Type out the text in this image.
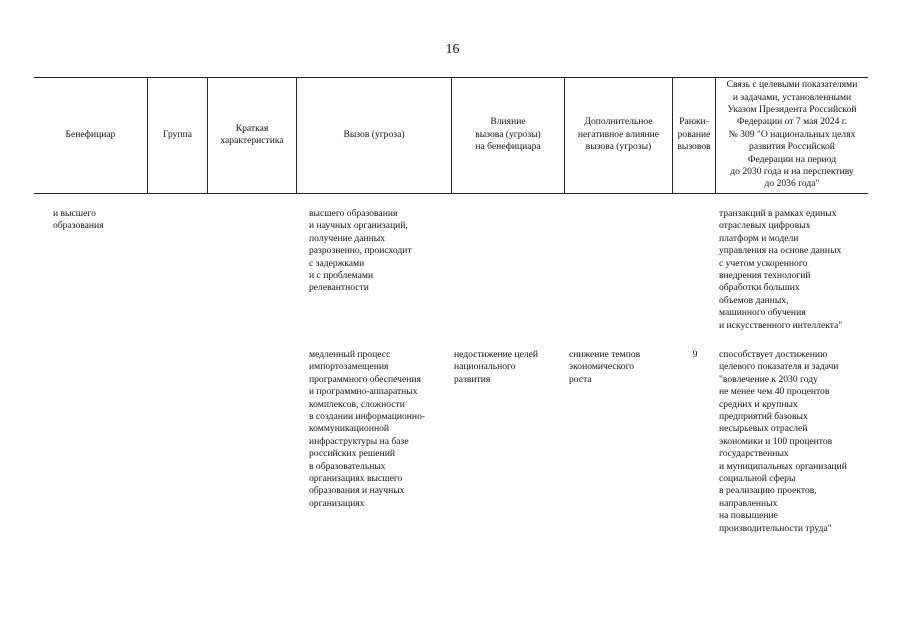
16
Бенефициар	Группа
Краткая
характеристика
Вызов (угроза)
Влияние
вызова (угрозы)
на бенефициара
Дополнительное
негативное влияние
вызова (угрозы)
Ранжи-
рование
вызовов
Связь с целевыми показателями
и задачами, установленными
Указом Президента Российской
Федерации от 7 мая 2024 г.
№ 309 "О национальных целях
развития Российской
Федерации на период
до 2030 года и на перспективу
до 2036 года"
и высшего
образования
высшего образования
и научных организаций,
получение данных
разрозненно, происходит
с задержками
и с проблемами
релевантности
транзакций в рамках единых
отраслевых цифровых
платформ и модели
управления на основе данных
с учетом ускоренного
внедрения технологий
обработки больших
объемов данных,
машинного обучения
и искусственного интеллекта"
медленный процесс
импортозамещения
программного обеспечения
и программно-аппаратных
комплексов, сложности
в создании информационно-
коммуникационной
инфраструктуры на базе
российских решений
в образовательных
организациях высшего
образования и научных
организациях
недостижение целей
национального
развития
снижение темпов
экономического
роста
9	способствует достижению
целевого показателя и задачи
"вовлечение к 2030 году
не менее чем 40 процентов
средних и крупных
предприятий базовых
несырьевых отраслей
экономики и 100 процентов
государственных
и муниципальных организаций
социальной сферы
в реализацию проектов,
направленных
на повышение
производительности труда"
